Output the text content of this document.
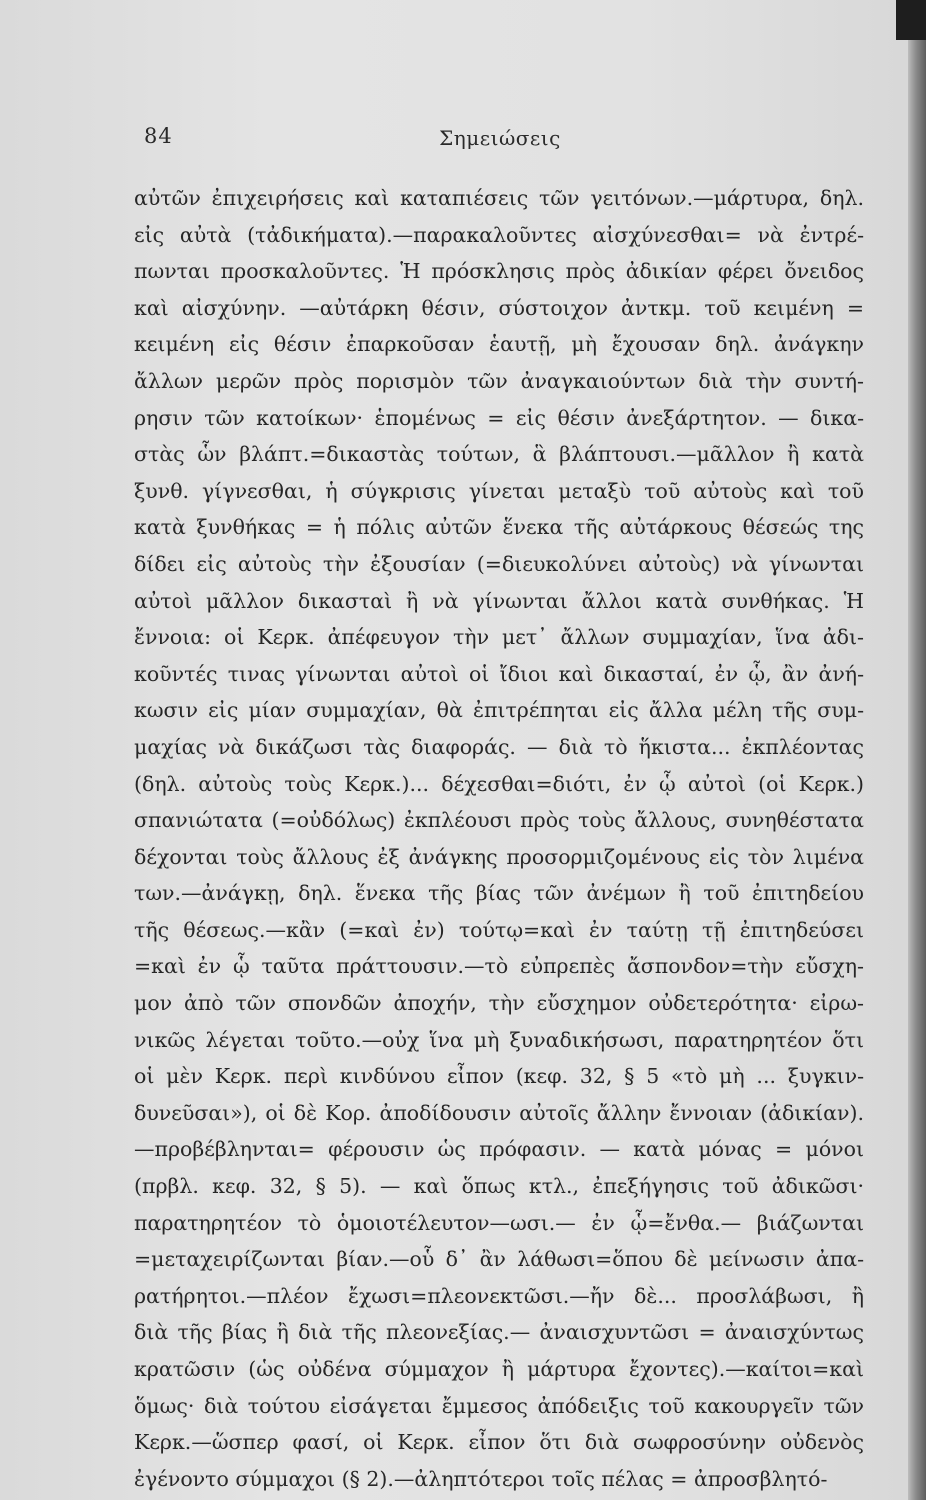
84	Σημειώσεις
αὐτῶν ἐπιχειρήσεις καὶ καταπιέσεις τῶν γειτόνων.—μάρτυρα, δηλ.
εἰς αὐτὰ (τἀδικήματα).—παρακαλοῦντες αἰσχύνεσθαι= νὰ ἐντρέ-
πωνται προσκαλοῦντες. Ἡ πρόσκλησις πρὸς ἀδικίαν φέρει ὄνειδος
καὶ αἰσχύνην. —αὐτάρκη θέσιν, σύστοιχον ἀντκμ. τοῦ κειμένη =
κειμένη εἰς θέσιν ἐπαρκοῦσαν ἑαυτῇ, μὴ ἔχουσαν δηλ. ἀνάγκην
ἄλλων μερῶν πρὸς πορισμὸν τῶν ἀναγκαιούντων διὰ τὴν συντή-
ρησιν τῶν κατοίκων· ἑπομένως = εἰς θέσιν ἀνεξάρτητον. — δικα-
στὰς ὧν βλάπτ.=δικαστὰς τούτων, ἃ βλάπτουσι.—μᾶλλον ἢ κατὰ
ξυνθ. γίγνεσθαι, ἡ σύγκρισις γίνεται μεταξὺ τοῦ αὐτοὺς καὶ τοῦ
κατὰ ξυνθήκας = ἡ πόλις αὐτῶν ἕνεκα τῆς αὐτάρκους θέσεώς της
δίδει εἰς αὐτοὺς τὴν ἐξουσίαν (=διευκολύνει αὐτοὺς) νὰ γίνωνται
αὐτοὶ μᾶλλον δικασταὶ ἢ νὰ γίνωνται ἄλλοι κατὰ συνθήκας. Ἡ
ἔννοια: οἱ Κερκ. ἀπέφευγον τὴν μετ᾽ ἄλλων συμμαχίαν, ἵνα ἀδι-
κοῦντές τινας γίνωνται αὐτοὶ οἱ ἴδιοι καὶ δικασταί, ἐν ᾧ, ἂν ἀνή-
κωσιν εἰς μίαν συμμαχίαν, θὰ ἐπιτρέπηται εἰς ἄλλα μέλη τῆς συμ-
μαχίας νὰ δικάζωσι τὰς διαφοράς. — διὰ τὸ ἥκιστα... ἐκπλέοντας
(δηλ. αὐτοὺς τοὺς Κερκ.)... δέχεσθαι=διότι, ἐν ᾧ αὐτοὶ (οἱ Κερκ.)
σπανιώτατα (=οὐδόλως) ἐκπλέουσι πρὸς τοὺς ἄλλους, συνηθέστατα
δέχονται τοὺς ἄλλους ἐξ ἀνάγκης προσορμιζομένους εἰς τὸν λιμένα
των.—ἀνάγκῃ, δηλ. ἕνεκα τῆς βίας τῶν ἀνέμων ἢ τοῦ ἐπιτηδείου
τῆς θέσεως.—κἂν (=καὶ ἐν) τούτῳ=καὶ ἐν ταύτῃ τῇ ἐπιτηδεύσει
=καὶ ἐν ᾧ ταῦτα πράττουσιν.—τὸ εὐπρεπὲς ἄσπονδον=τὴν εὔσχη-
μον ἀπὸ τῶν σπονδῶν ἀποχήν, τὴν εὔσχημον οὐδετερότητα· εἰρω-
νικῶς λέγεται τοῦτο.—οὐχ ἵνα μὴ ξυναδικήσωσι, παρατηρητέον ὅτι
οἱ μὲν Κερκ. περὶ κινδύνου εἶπον (κεφ. 32, § 5 «τὸ μὴ ... ξυγκιν-
δυνεῦσαι»), οἱ δὲ Κορ. ἀποδίδουσιν αὐτοῖς ἄλλην ἔννοιαν (ἀδικίαν).
—προβέβληνται= φέρουσιν ὡς πρόφασιν. — κατὰ μόνας = μόνοι
(πρβλ. κεφ. 32, § 5). — καὶ ὅπως κτλ., ἐπεξήγησις τοῦ ἀδικῶσι·
παρατηρητέον τὸ ὁμοιοτέλευτον—ωσι.— ἐν ᾧ=ἔνθα.— βιάζωνται
=μεταχειρίζωνται βίαν.—οὗ δ᾽ ἂν λάθωσι=ὅπου δὲ μείνωσιν ἀπα-
ρατήρητοι.—πλέον ἔχωσι=πλεονεκτῶσι.—ἤν δὲ... προσλάβωσι, ἢ
διὰ τῆς βίας ἢ διὰ τῆς πλεονεξίας.— ἀναισχυντῶσι = ἀναισχύντως
κρατῶσιν (ὡς οὐδένα σύμμαχον ἢ μάρτυρα ἔχοντες).—καίτοι=καὶ
ὅμως· διὰ τούτου εἰσάγεται ἔμμεσος ἀπόδειξις τοῦ κακουργεῖν τῶν
Κερκ.—ὥσπερ φασί, οἱ Κερκ. εἶπον ὅτι διὰ σωφροσύνην οὐδενὸς
ἐγένοντο σύμμαχοι (§ 2).—ἀληπτότεροι τοῖς πέλας = ἀπροσβλητό-
